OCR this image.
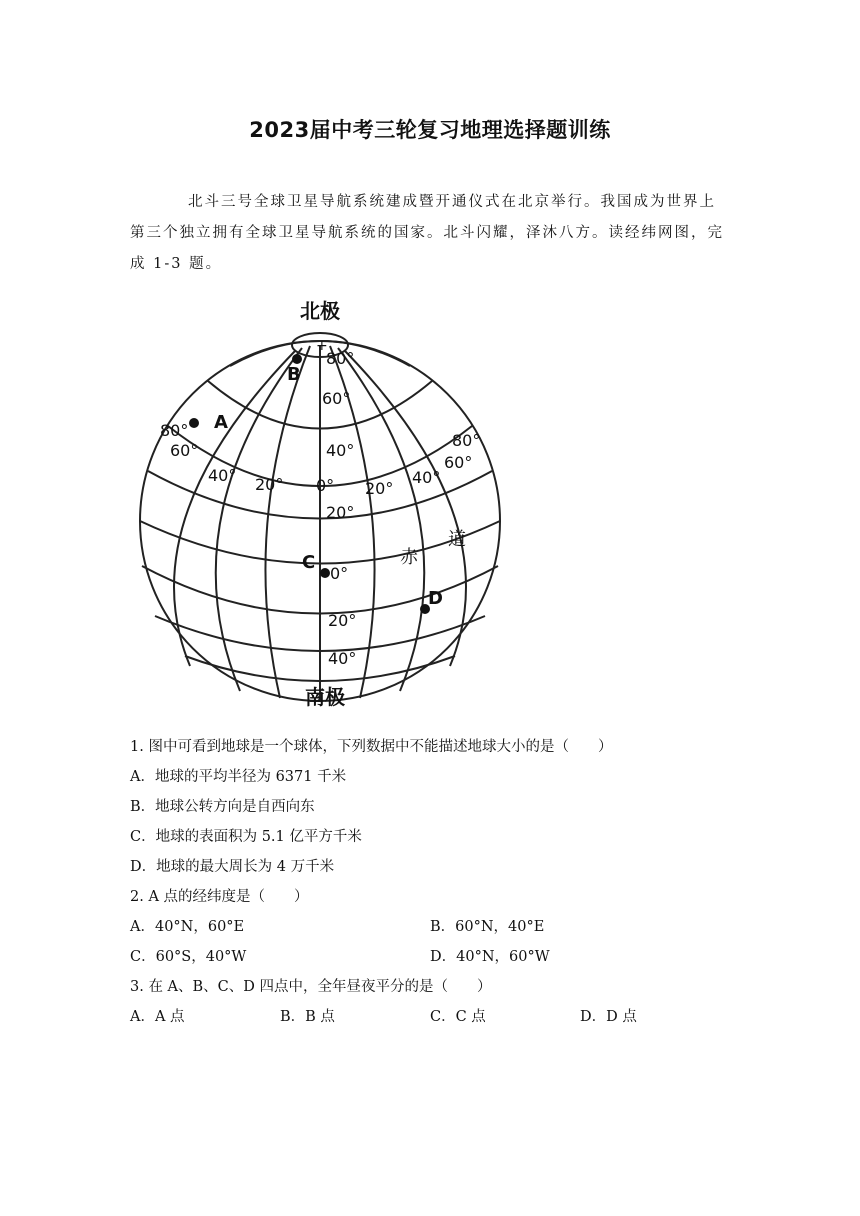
2023届中考三轮复习地理选择题训练

北斗三号全球卫星导航系统建成暨开通仪式在北京举行。我国成为世界上第三个独立拥有全球卫星导航系统的国家。北斗闪耀，泽沐八方。读经纬网图，完成 1-3 题。

+
北极
南极
B
A
C
D
80°
60°
40°
0°
20°
0°
20°
40°
40° 20°	20°
40°
80°
60°
80°
60°
赤
道
1. 图中可看到地球是一个球体，下列数据中不能描述地球大小的是（　　）
A．地球的平均半径为 6371 千米
B．地球公转方向是自西向东
C．地球的表面积为 5.1 亿平方千米
D．地球的最大周长为 4 万千米
2. A 点的经纬度是（　　）
A．40°N，60°E	B．60°N，40°E
C．60°S，40°W	D．40°N，60°W
3. 在 A、B、C、D 四点中，全年昼夜平分的是（　　）
A．A 点	B．B 点	C．C 点	D．D 点
